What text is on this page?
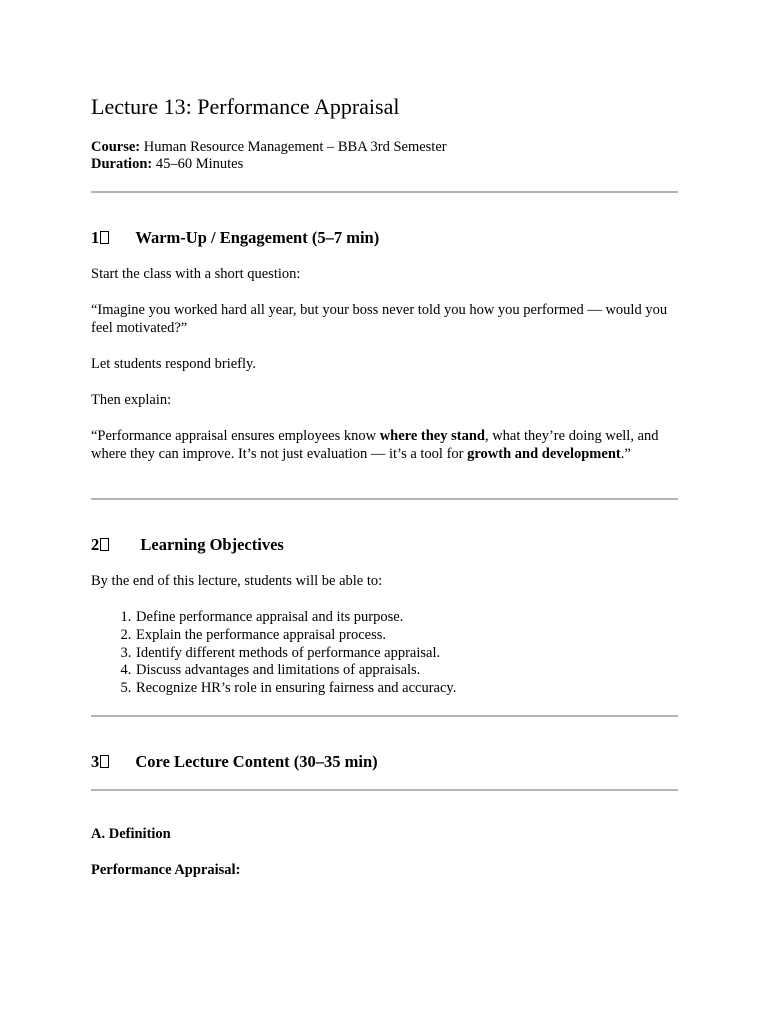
Lecture 13: Performance Appraisal
Course: Human Resource Management – BBA 3rd Semester
Duration: 45–60 Minutes
1 Warm-Up / Engagement (5–7 min)

Start the class with a short question:

“Imagine you worked hard all year, but your boss never told you how you performed — would you feel motivated?”

Let students respond briefly.

Then explain:

“Performance appraisal ensures employees know where they stand, what they’re doing well, and where they can improve. It’s not just evaluation — it’s a tool for growth and development.”

2 Learning Objectives

By the end of this lecture, students will be able to:

1. Define performance appraisal and its purpose.
2. Explain the performance appraisal process.
3. Identify different methods of performance appraisal.
4. Discuss advantages and limitations of appraisals.
5. Recognize HR’s role in ensuring fairness and accuracy.
3 Core Lecture Content (30–35 min)
A. Definition
Performance Appraisal:
